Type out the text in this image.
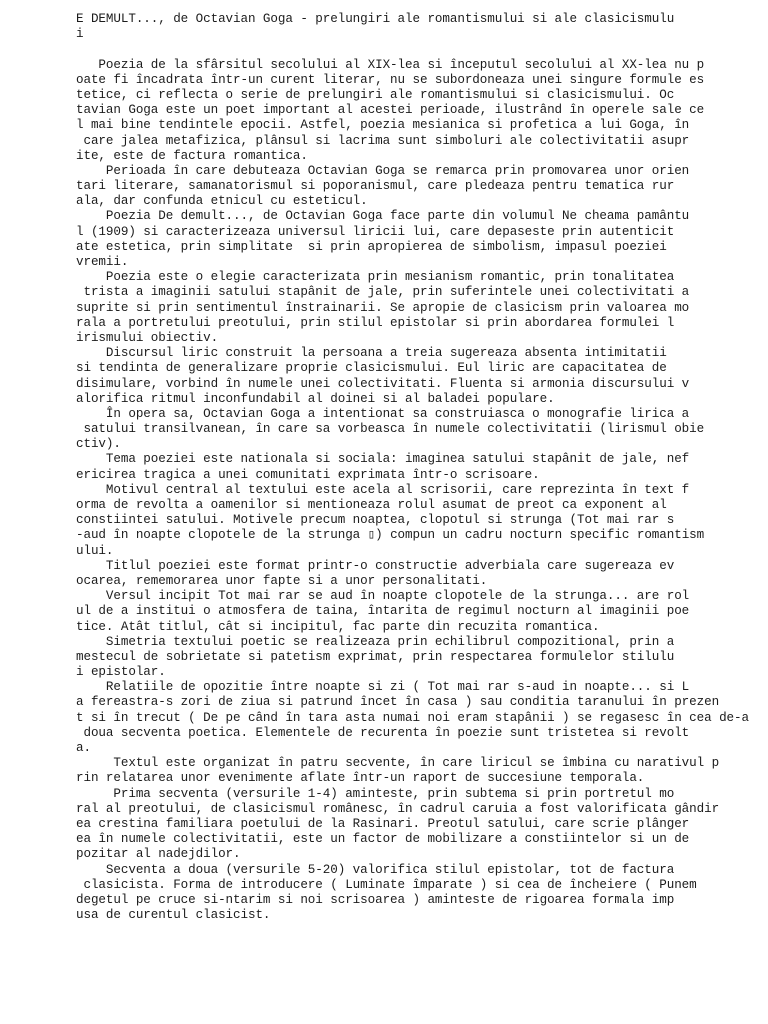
E DEMULT..., de Octavian Goga - prelungiri ale romantismului si ale clasicismulu
i
Poezia de la sfârsitul secolului al XIX-lea si începutul secolului al XX-lea nu p
oate fi încadrata într-un curent literar, nu se subordoneaza unei singure formule es
tetice, ci reflecta o serie de prelungiri ale romantismului si clasicismului. Oc
tavian Goga este un poet important al acestei perioade, ilustrând în operele sale ce
l mai bine tendintele epocii. Astfel, poezia mesianica si profetica a lui Goga, în
care jalea metafizica, plânsul si lacrima sunt simboluri ale colectivitatii asupr
ite, este de factura romantica.
Perioada în care debuteaza Octavian Goga se remarca prin promovarea unor orien
tari literare, samanatorismul si poporanismul, care pledeaza pentru tematica rur
ala, dar confunda etnicul cu esteticul.
Poezia De demult..., de Octavian Goga face parte din volumul Ne cheama pamântu
l (1909) si caracterizeaza universul liricii lui, care depaseste prin autenticit
ate estetica, prin simplitate  si prin apropierea de simbolism, impasul poeziei
vremii.
Poezia este o elegie caracterizata prin mesianism romantic, prin tonalitatea
trista a imaginii satului stapânit de jale, prin suferintele unei colectivitati a
suprite si prin sentimentul înstrainarii. Se apropie de clasicism prin valoarea mo
rala a portretului preotului, prin stilul epistolar si prin abordarea formulei l
irismului obiectiv.
Discursul liric construit la persoana a treia sugereaza absenta intimitatii
si tendinta de generalizare proprie clasicismului. Eul liric are capacitatea de
disimulare, vorbind în numele unei colectivitati. Fluenta si armonia discursului v
alorifica ritmul inconfundabil al doinei si al baladei populare.
În opera sa, Octavian Goga a intentionat sa construiasca o monografie lirica a
satului transilvanean, în care sa vorbeasca în numele colectivitatii (lirismul obie
ctiv).
Tema poeziei este nationala si sociala: imaginea satului stapânit de jale, nef
ericirea tragica a unei comunitati exprimata într-o scrisoare.
Motivul central al textului este acela al scrisorii, care reprezinta în text f
orma de revolta a oamenilor si mentioneaza rolul asumat de preot ca exponent al
constiintei satului. Motivele precum noaptea, clopotul si strunga (Tot mai rar s
-aud în noapte clopotele de la strunga ▯) compun un cadru nocturn specific romantism
ului.
Titlul poeziei este format printr-o constructie adverbiala care sugereaza ev
ocarea, rememorarea unor fapte si a unor personalitati.
Versul incipit Tot mai rar se aud în noapte clopotele de la strunga... are rol
ul de a institui o atmosfera de taina, întarita de regimul nocturn al imaginii poe
tice. Atât titlul, cât si incipitul, fac parte din recuzita romantica.
Simetria textului poetic se realizeaza prin echilibrul compozitional, prin a
mestecul de sobrietate si patetism exprimat, prin respectarea formulelor stilulu
i epistolar.
Relatiile de opozitie între noapte si zi ( Tot mai rar s-aud in noapte... si L
a fereastra-s zori de ziua si patrund încet în casa ) sau conditia taranului în prezen
t si în trecut ( De pe când în tara asta numai noi eram stapânii ) se regasesc în cea de-a
doua secventa poetica. Elementele de recurenta în poezie sunt tristetea si revolt
a.
Textul este organizat în patru secvente, în care liricul se îmbina cu narativul p
rin relatarea unor evenimente aflate într-un raport de succesiune temporala.
Prima secventa (versurile 1-4) aminteste, prin subtema si prin portretul mo
ral al preotului, de clasicismul românesc, în cadrul caruia a fost valorificata gândir
ea crestina familiara poetului de la Rasinari. Preotul satului, care scrie plânger
ea în numele colectivitatii, este un factor de mobilizare a constiintelor si un de
pozitar al nadejdilor.
Secventa a doua (versurile 5-20) valorifica stilul epistolar, tot de factura
clasicista. Forma de introducere ( Luminate împarate ) si cea de încheiere ( Punem
degetul pe cruce si-ntarim si noi scrisoarea ) aminteste de rigoarea formala imp
usa de curentul clasicist.
